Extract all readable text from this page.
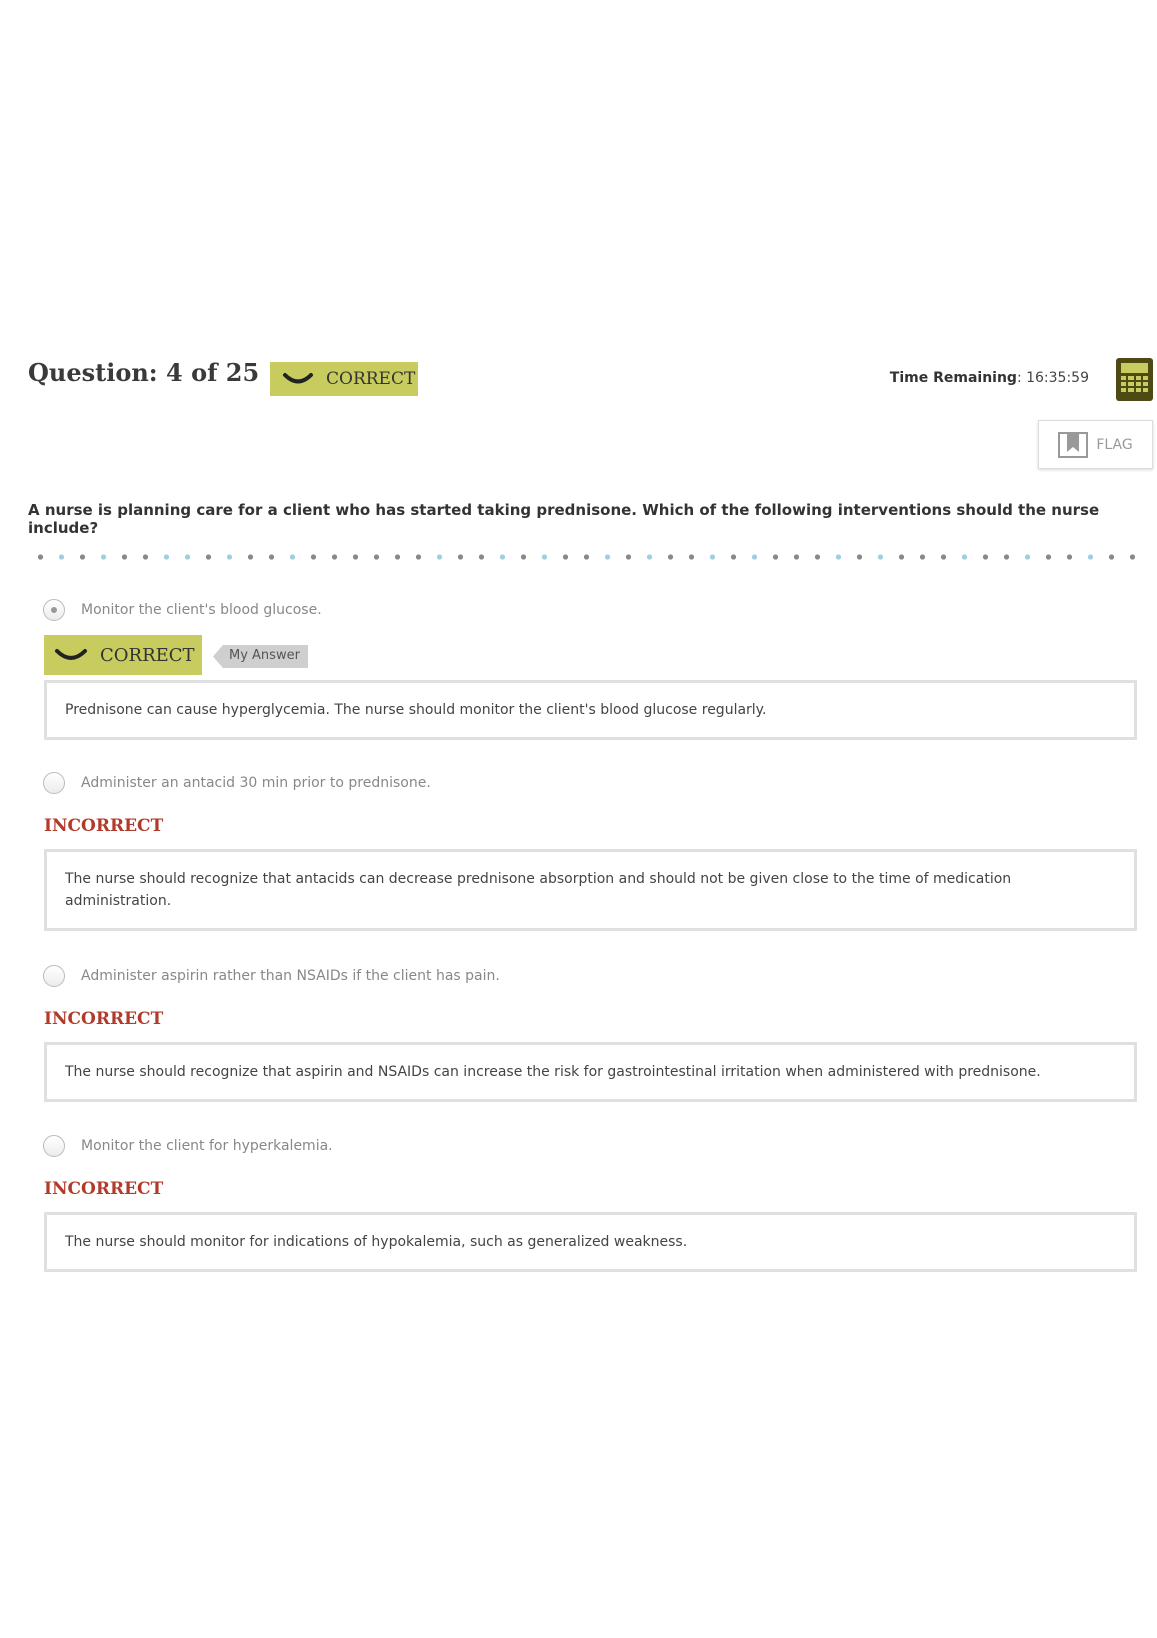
Question: 4 of 25	CORRECT	Time Remaining: 16:35:59
FLAG

A nurse is planning care for a client who has started taking prednisone. Which of the following interventions should the nurse include?

Monitor the client's blood glucose.
CORRECT	My Answer
Prednisone can cause hyperglycemia. The nurse should monitor the client's blood glucose regularly.
Administer an antacid 30 min prior to prednisone.

INCORRECT

The nurse should recognize that antacids can decrease prednisone absorption and should not be given close to the time of medication administration.
Administer aspirin rather than NSAIDs if the client has pain.

INCORRECT

The nurse should recognize that aspirin and NSAIDs can increase the risk for gastrointestinal irritation when administered with prednisone.
Monitor the client for hyperkalemia.

INCORRECT

The nurse should monitor for indications of hypokalemia, such as generalized weakness.
